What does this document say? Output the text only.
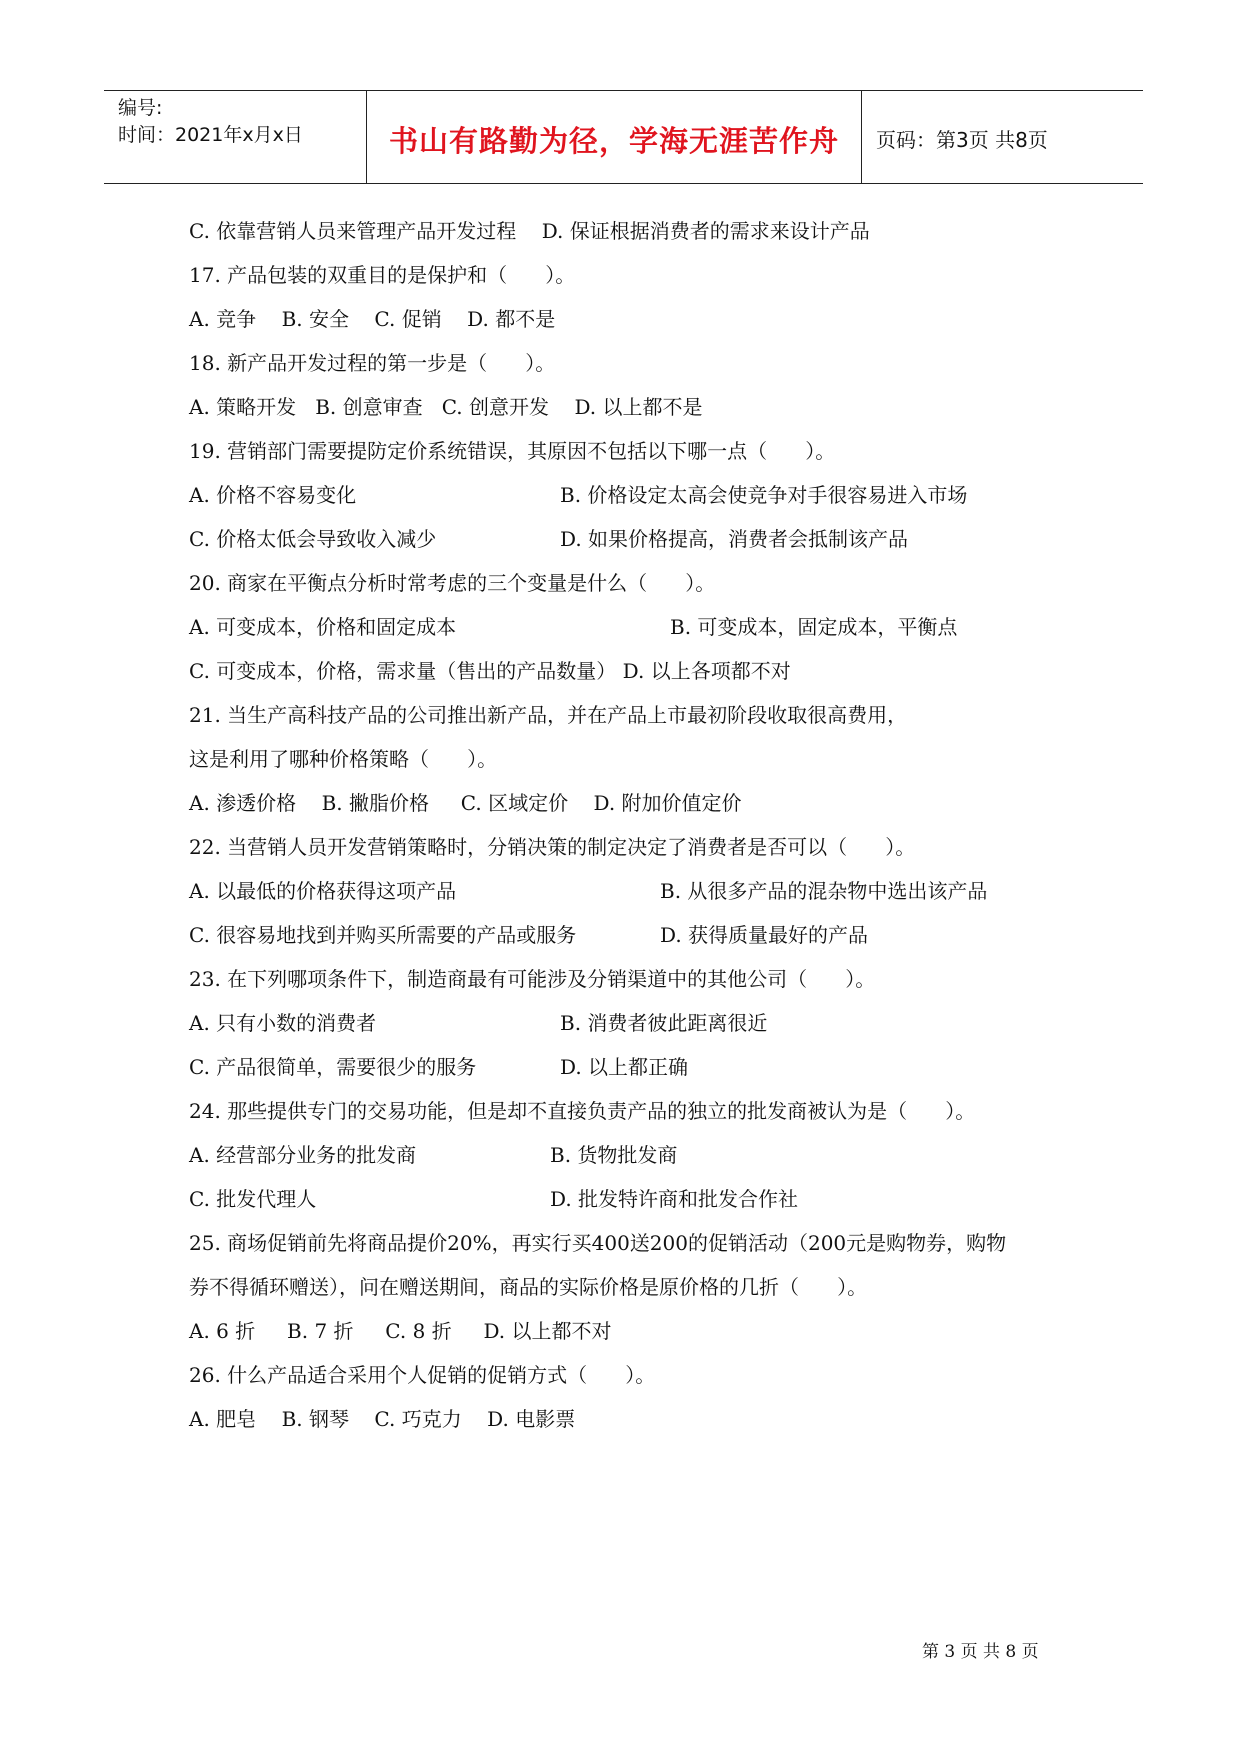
编号:
时间：2021年x月x日	书山有路勤为径，学海无涯苦作舟	页码：第3页 共8页
C. 依靠营销人员来管理产品开发过程    D. 保证根据消费者的需求来设计产品
17. 产品包装的双重目的是保护和（      ）。
A. 竞争    B. 安全    C. 促销    D. 都不是
18. 新产品开发过程的第一步是（      ）。
A. 策略开发   B. 创意审查   C. 创意开发    D. 以上都不是
19. 营销部门需要提防定价系统错误，其原因不包括以下哪一点（      ）。
A. 价格不容易变化	B. 价格设定太高会使竞争对手很容易进入市场
C. 价格太低会导致收入减少	D. 如果价格提高，消费者会抵制该产品
20. 商家在平衡点分析时常考虑的三个变量是什么（      ）。
A. 可变成本，价格和固定成本	B. 可变成本，固定成本，平衡点
C. 可变成本，价格，需求量（售出的产品数量） D. 以上各项都不对
21. 当生产高科技产品的公司推出新产品，并在产品上市最初阶段收取很高费用，
这是利用了哪种价格策略（      ）。
A. 渗透价格    B. 撇脂价格     C. 区域定价    D. 附加价值定价
22. 当营销人员开发营销策略时，分销决策的制定决定了消费者是否可以（      ）。
A. 以最低的价格获得这项产品	B. 从很多产品的混杂物中选出该产品
C. 很容易地找到并购买所需要的产品或服务	D. 获得质量最好的产品
23. 在下列哪项条件下，制造商最有可能涉及分销渠道中的其他公司（      ）。
A. 只有小数的消费者	B. 消费者彼此距离很近
C. 产品很简单，需要很少的服务	D. 以上都正确
24. 那些提供专门的交易功能，但是却不直接负责产品的独立的批发商被认为是（      ）。
A. 经营部分业务的批发商	B. 货物批发商
C. 批发代理人	D. 批发特许商和批发合作社
25. 商场促销前先将商品提价20%，再实行买400送200的促销活动（200元是购物券，购物
券不得循环赠送），问在赠送期间，商品的实际价格是原价格的几折（      ）。
A. 6 折     B. 7 折     C. 8 折     D. 以上都不对
26. 什么产品适合采用个人促销的促销方式（      ）。
A. 肥皂    B. 钢琴    C. 巧克力    D. 电影票
第 3 页 共 8 页
